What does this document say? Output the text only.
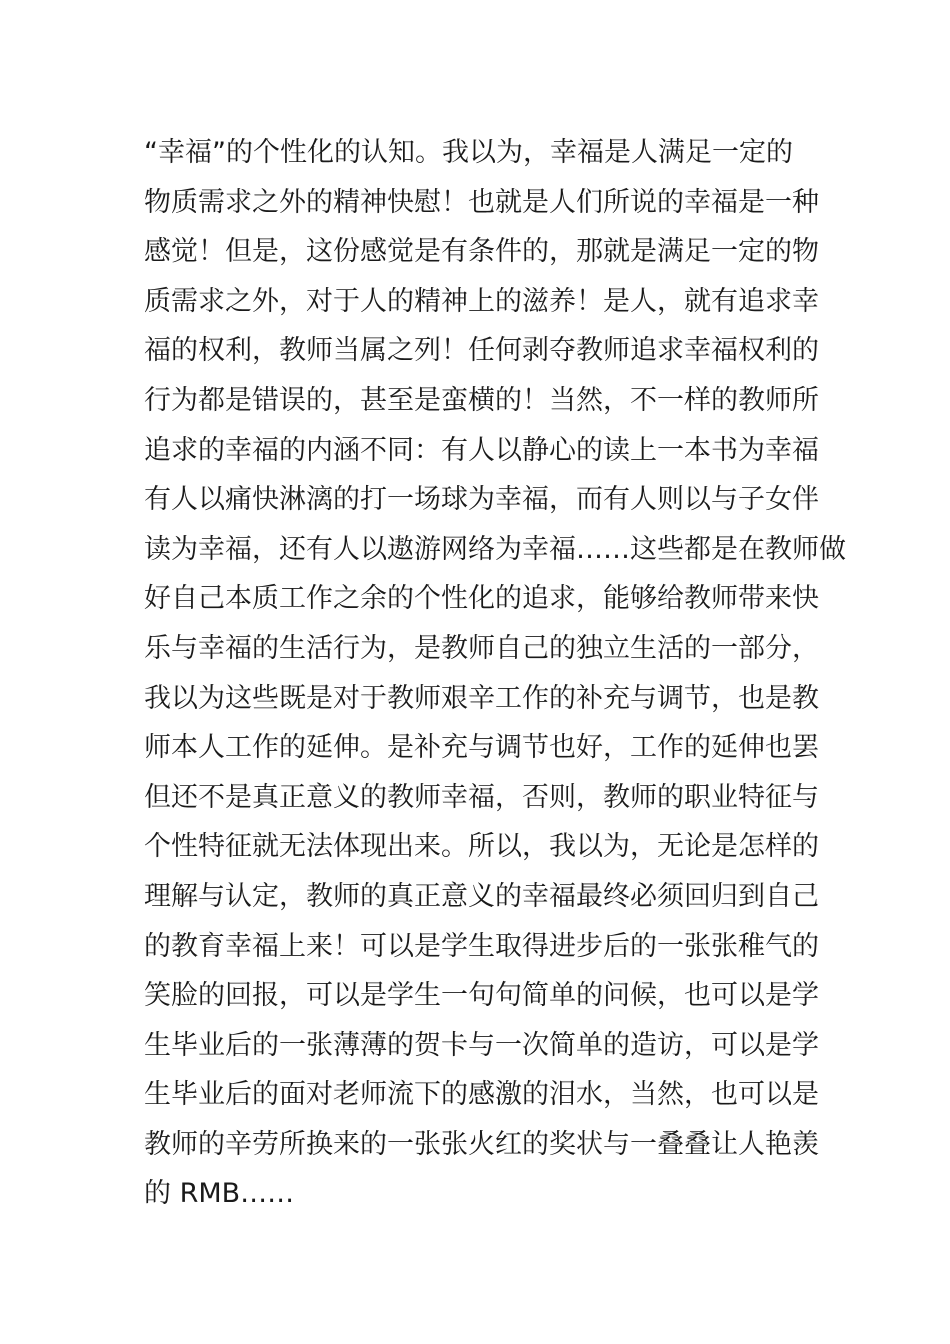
“幸福”的个性化的认知。我以为，幸福是人满足一定的
物质需求之外的精神快慰！也就是人们所说的幸福是一种
感觉！但是，这份感觉是有条件的，那就是满足一定的物
质需求之外，对于人的精神上的滋养！是人，就有追求幸
福的权利，教师当属之列！任何剥夺教师追求幸福权利的
行为都是错误的，甚至是蛮横的！当然，不一样的教师所
追求的幸福的内涵不同：有人以静心的读上一本书为幸福
有人以痛快淋漓的打一场球为幸福，而有人则以与子女伴
读为幸福，还有人以遨游网络为幸福……这些都是在教师做
好自己本质工作之余的个性化的追求，能够给教师带来快
乐与幸福的生活行为，是教师自己的独立生活的一部分，
我以为这些既是对于教师艰辛工作的补充与调节，也是教
师本人工作的延伸。是补充与调节也好，工作的延伸也罢
但还不是真正意义的教师幸福，否则，教师的职业特征与
个性特征就无法体现出来。所以，我以为，无论是怎样的
理解与认定，教师的真正意义的幸福最终必须回归到自己
的教育幸福上来！可以是学生取得进步后的一张张稚气的
笑脸的回报，可以是学生一句句简单的问候，也可以是学
生毕业后的一张薄薄的贺卡与一次简单的造访，可以是学
生毕业后的面对老师流下的感激的泪水，当然，也可以是
教师的辛劳所换来的一张张火红的奖状与一叠叠让人艳羡
的 RMB……
